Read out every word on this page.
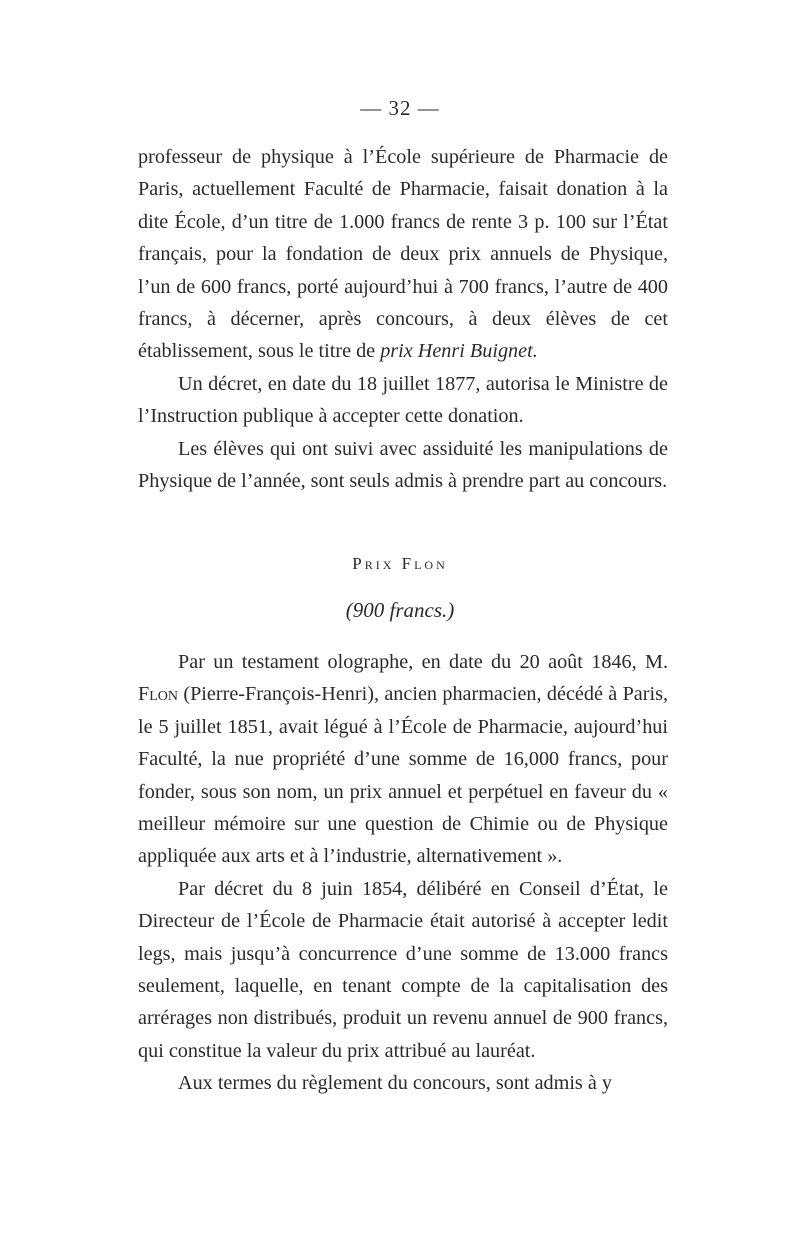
— 32 —

professeur de physique à l’École supérieure de Pharmacie de Paris, actuellement Faculté de Pharmacie, faisait donation à la dite École, d’un titre de 1.000 francs de rente 3 p. 100 sur l’État français, pour la fondation de deux prix annuels de Physique, l’un de 600 francs, porté aujourd’hui à 700 francs, l’autre de 400 francs, à décerner, après concours, à deux élèves de cet établissement, sous le titre de prix Henri Buignet.

Un décret, en date du 18 juillet 1877, autorisa le Ministre de l’Instruction publique à accepter cette donation.

Les élèves qui ont suivi avec assiduité les manipulations de Physique de l’année, sont seuls admis à prendre part au concours.

Prix Flon
(900 francs.)

Par un testament olographe, en date du 20 août 1846, M. Flon (Pierre-François-Henri), ancien pharmacien, décédé à Paris, le 5 juillet 1851, avait légué à l’École de Pharmacie, aujourd’hui Faculté, la nue propriété d’une somme de 16,000 francs, pour fonder, sous son nom, un prix annuel et perpétuel en faveur du « meilleur mémoire sur une question de Chimie ou de Physique appliquée aux arts et à l’industrie, alternativement ».

Par décret du 8 juin 1854, délibéré en Conseil d’État, le Directeur de l’École de Pharmacie était autorisé à accepter ledit legs, mais jusqu’à concurrence d’une somme de 13.000 francs seulement, laquelle, en tenant compte de la capitalisation des arrérages non distribués, produit un revenu annuel de 900 francs, qui constitue la valeur du prix attribué au lauréat.

Aux termes du règlement du concours, sont admis à y
